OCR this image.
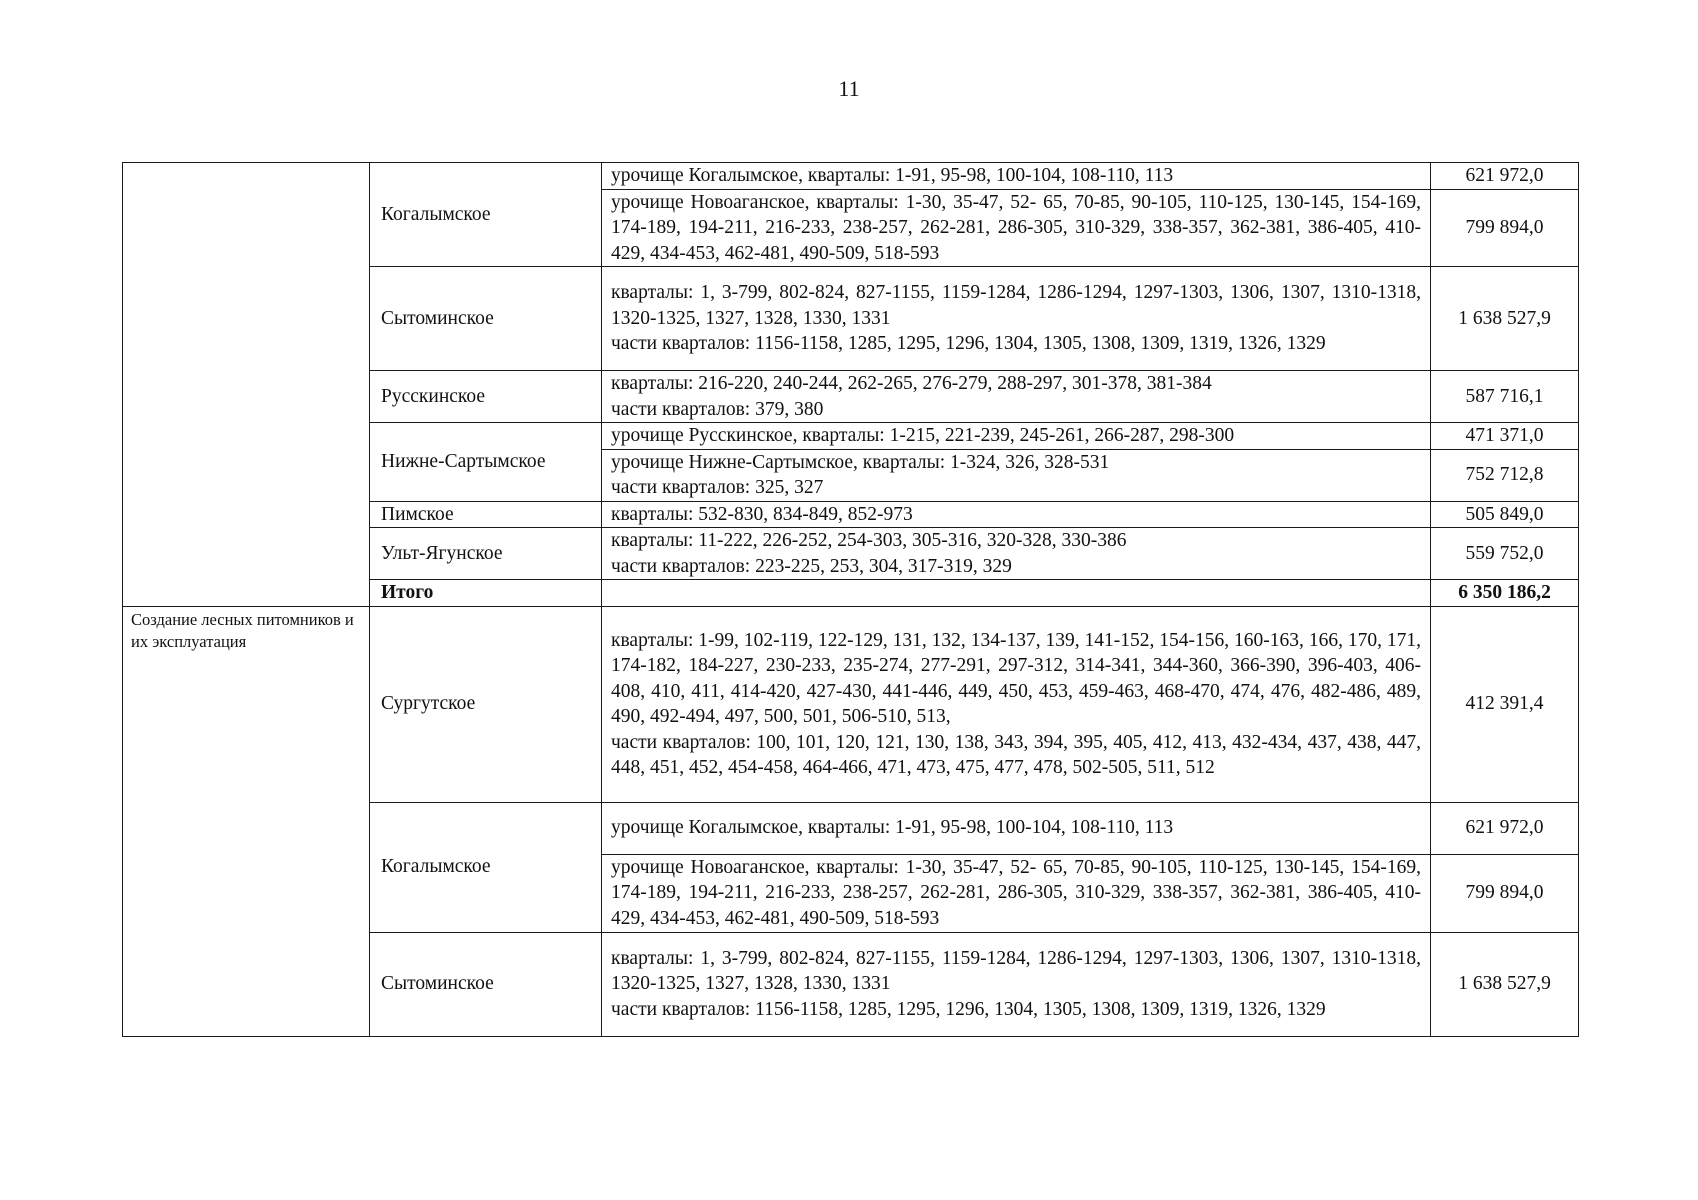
11
	Когалымское	урочище Когалымское, кварталы: 1-91, 95-98, 100-104, 108-110, 113	621 972,0

		урочище Новоаганское, кварталы: 1-30, 35-47, 52- 65, 70-85, 90-105, 110-125, 130-145, 154-169, 174-189, 194-211, 216-233, 238-257, 262-281, 286-305, 310-329, 338-357, 362-381, 386-405, 410-429, 434-453, 462-481, 490-509, 518-593	799 894,0
	Сытоминское	кварталы: 1, 3-799, 802-824, 827-1155, 1159-1284, 1286-1294, 1297-1303, 1306, 1307, 1310-1318, 1320-1325, 1327, 1328, 1330, 1331
части кварталов: 1156-1158, 1285, 1295, 1296, 1304, 1305, 1308, 1309, 1319, 1326, 1329	1 638 527,9
	Русскинское	кварталы: 216-220, 240-244, 262-265, 276-279, 288-297, 301-378, 381-384
части кварталов: 379, 380	587 716,1
	Нижне-Сартымское	урочище Русскинское, кварталы: 1-215, 221-239, 245-261, 266-287, 298-300	471 371,0

		урочище Нижне-Сартымское, кварталы: 1-324, 326, 328-531
части кварталов: 325, 327	752 712,8
	Пимское	кварталы: 532-830, 834-849, 852-973	505 849,0
	Ульт-Ягунское	кварталы: 11-222, 226-252, 254-303, 305-316, 320-328, 330-386
части кварталов: 223-225, 253, 304, 317-319, 329	559 752,0
	Итого		6 350 186,2
Создание лесных питомников и их эксплуатация	Сургутское	кварталы: 1-99, 102-119, 122-129, 131, 132, 134-137, 139, 141-152, 154-156, 160-163, 166, 170, 171, 174-182, 184-227, 230-233, 235-274, 277-291, 297-312, 314-341, 344-360, 366-390, 396-403, 406-408, 410, 411, 414-420, 427-430, 441-446, 449, 450, 453, 459-463, 468-470, 474, 476, 482-486, 489, 490, 492-494, 497, 500, 501, 506-510, 513,
части кварталов: 100, 101, 120, 121, 130, 138, 343, 394, 395, 405, 412, 413, 432-434, 437, 438, 447, 448, 451, 452, 454-458, 464-466, 471, 473, 475, 477, 478, 502-505, 511, 512	412 391,4
	Когалымское	урочище Когалымское, кварталы: 1-91, 95-98, 100-104, 108-110, 113	621 972,0

		урочище Новоаганское, кварталы: 1-30, 35-47, 52- 65, 70-85, 90-105, 110-125, 130-145, 154-169, 174-189, 194-211, 216-233, 238-257, 262-281, 286-305, 310-329, 338-357, 362-381, 386-405, 410-429, 434-453, 462-481, 490-509, 518-593	799 894,0
	Сытоминское	кварталы: 1, 3-799, 802-824, 827-1155, 1159-1284, 1286-1294, 1297-1303, 1306, 1307, 1310-1318, 1320-1325, 1327, 1328, 1330, 1331
части кварталов: 1156-1158, 1285, 1295, 1296, 1304, 1305, 1308, 1309, 1319, 1326, 1329	1 638 527,9
